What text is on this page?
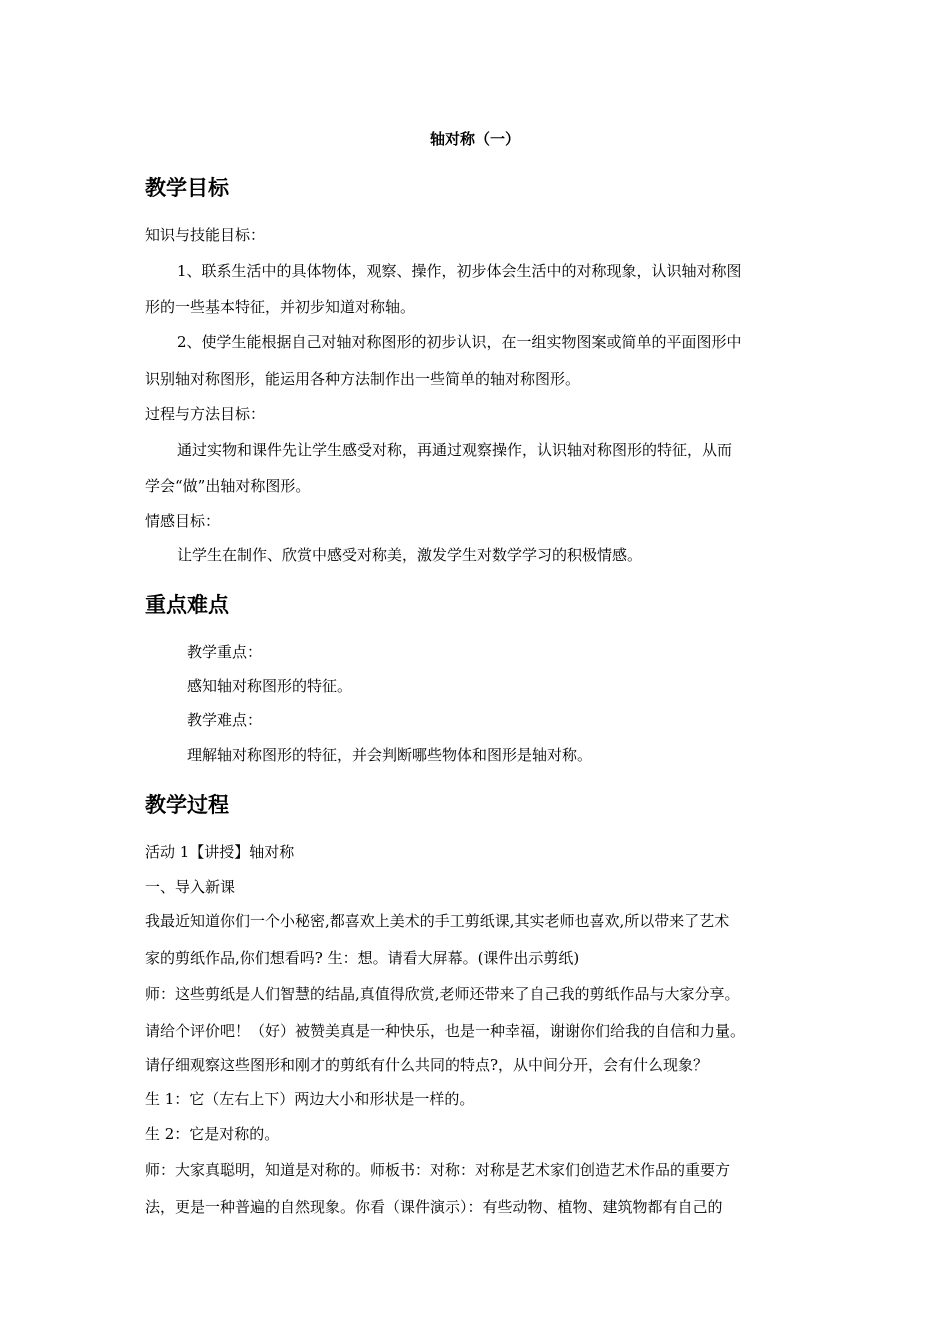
轴对称（一）
教学目标
知识与技能目标：
1、联系生活中的具体物体，观察、操作，初步体会生活中的对称现象，认识轴对称图
形的一些基本特征，并初步知道对称轴。
2、使学生能根据自己对轴对称图形的初步认识，在一组实物图案或简单的平面图形中
识别轴对称图形，能运用各种方法制作出一些简单的轴对称图形。
过程与方法目标：
通过实物和课件先让学生感受对称，再通过观察操作，认识轴对称图形的特征，从而
学会“做”出轴对称图形。
情感目标：
让学生在制作、欣赏中感受对称美，激发学生对数学学习的积极情感。
重点难点
教学重点：
感知轴对称图形的特征。
教学难点：
理解轴对称图形的特征，并会判断哪些物体和图形是轴对称。
教学过程
活动 1【讲授】轴对称
一、导入新课
我最近知道你们一个小秘密,都喜欢上美术的手工剪纸课,其实老师也喜欢,所以带来了艺术
家的剪纸作品,你们想看吗? 生：想。请看大屏幕。(课件出示剪纸)
师：这些剪纸是人们智慧的结晶,真值得欣赏,老师还带来了自己我的剪纸作品与大家分享。
请给个评价吧！（好）被赞美真是一种快乐，也是一种幸福，谢谢你们给我的自信和力量。
请仔细观察这些图形和刚才的剪纸有什么共同的特点?，从中间分开，会有什么现象？
生 1：它（左右上下）两边大小和形状是一样的。
生 2：它是对称的。
师：大家真聪明，知道是对称的。师板书：对称：对称是艺术家们创造艺术作品的重要方
法，更是一种普遍的自然现象。你看（课件演示）：有些动物、植物、建筑物都有自己的
